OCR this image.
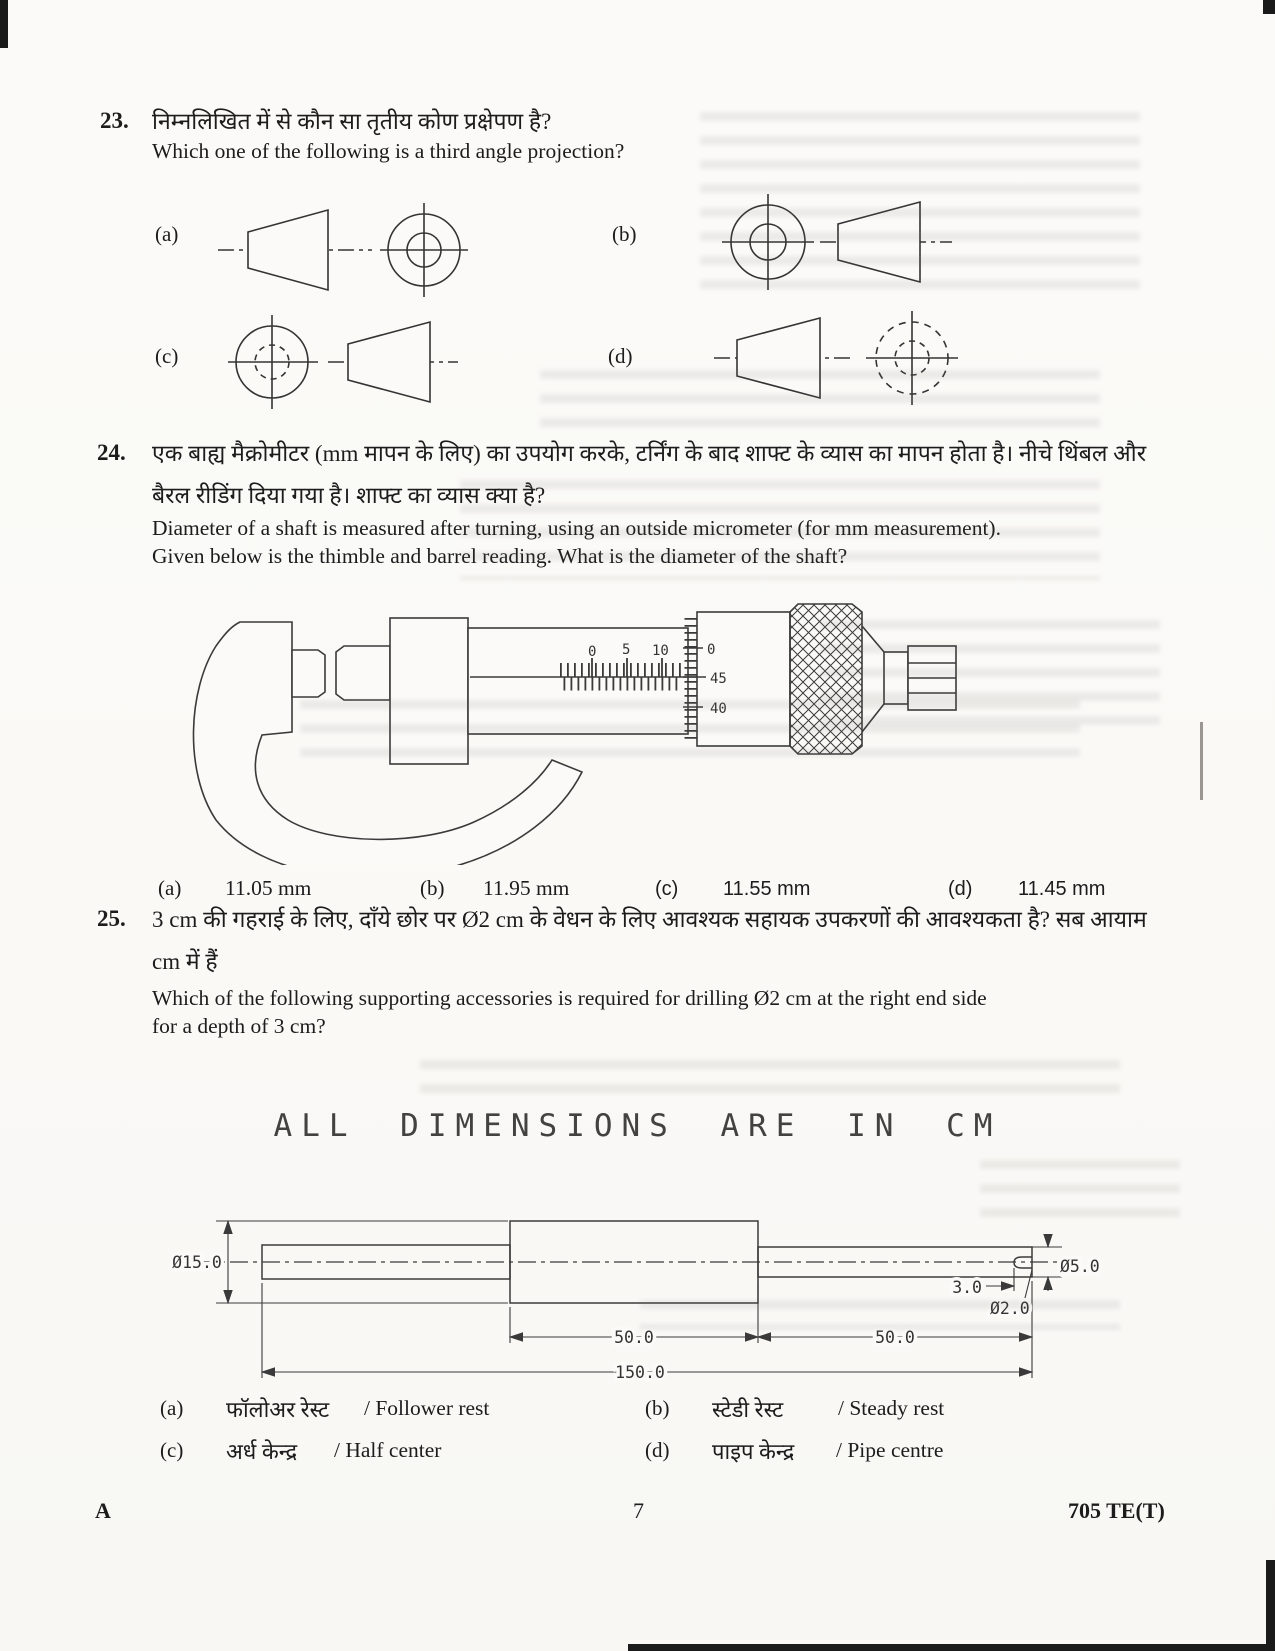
23. निम्नलिखित में से कौन सा तृतीय कोण प्रक्षेपण है?
Which one of the following is a third angle projection?
(a)	(b)
(c)	(d)
24. एक बाह्य मैक्रोमीटर (mm मापन के लिए) का उपयोग करके, टर्निंग के बाद शाफ्ट के व्यास का मापन होता है। नीचे थिंबल और
बैरल रीडिंग दिया गया है। शाफ्ट का व्यास क्या है?
Diameter of a shaft is measured after turning, using an outside micrometer (for mm measurement).
Given below is the thimble and barrel reading. What is the diameter of the shaft?
0 5 10	0
45
40
(a) 11.05 mm	(b) 11.95 mm	(c) 11.55 mm	(d) 11.45 mm
25. 3 cm की गहराई के लिए, दाँये छोर पर Ø2 cm के वेधन के लिए आवश्यक सहायक उपकरणों की आवश्यकता है? सब आयाम
cm में हैं
Which of the following supporting accessories is required for drilling Ø2 cm at the right end side
for a depth of 3 cm?
ALL DIMENSIONS ARE IN CM
Ø15.0	Ø5.0
3.0
Ø2.0
50.0	50.0
150.0
(a) फॉलोअर रेस्ट / Follower rest	(b) स्टेडी रेस्ट	/ Steady rest
(c) अर्ध केन्द्र / Half center	(d) पाइप केन्द्र / Pipe centre
A	7	705 TE(T)
